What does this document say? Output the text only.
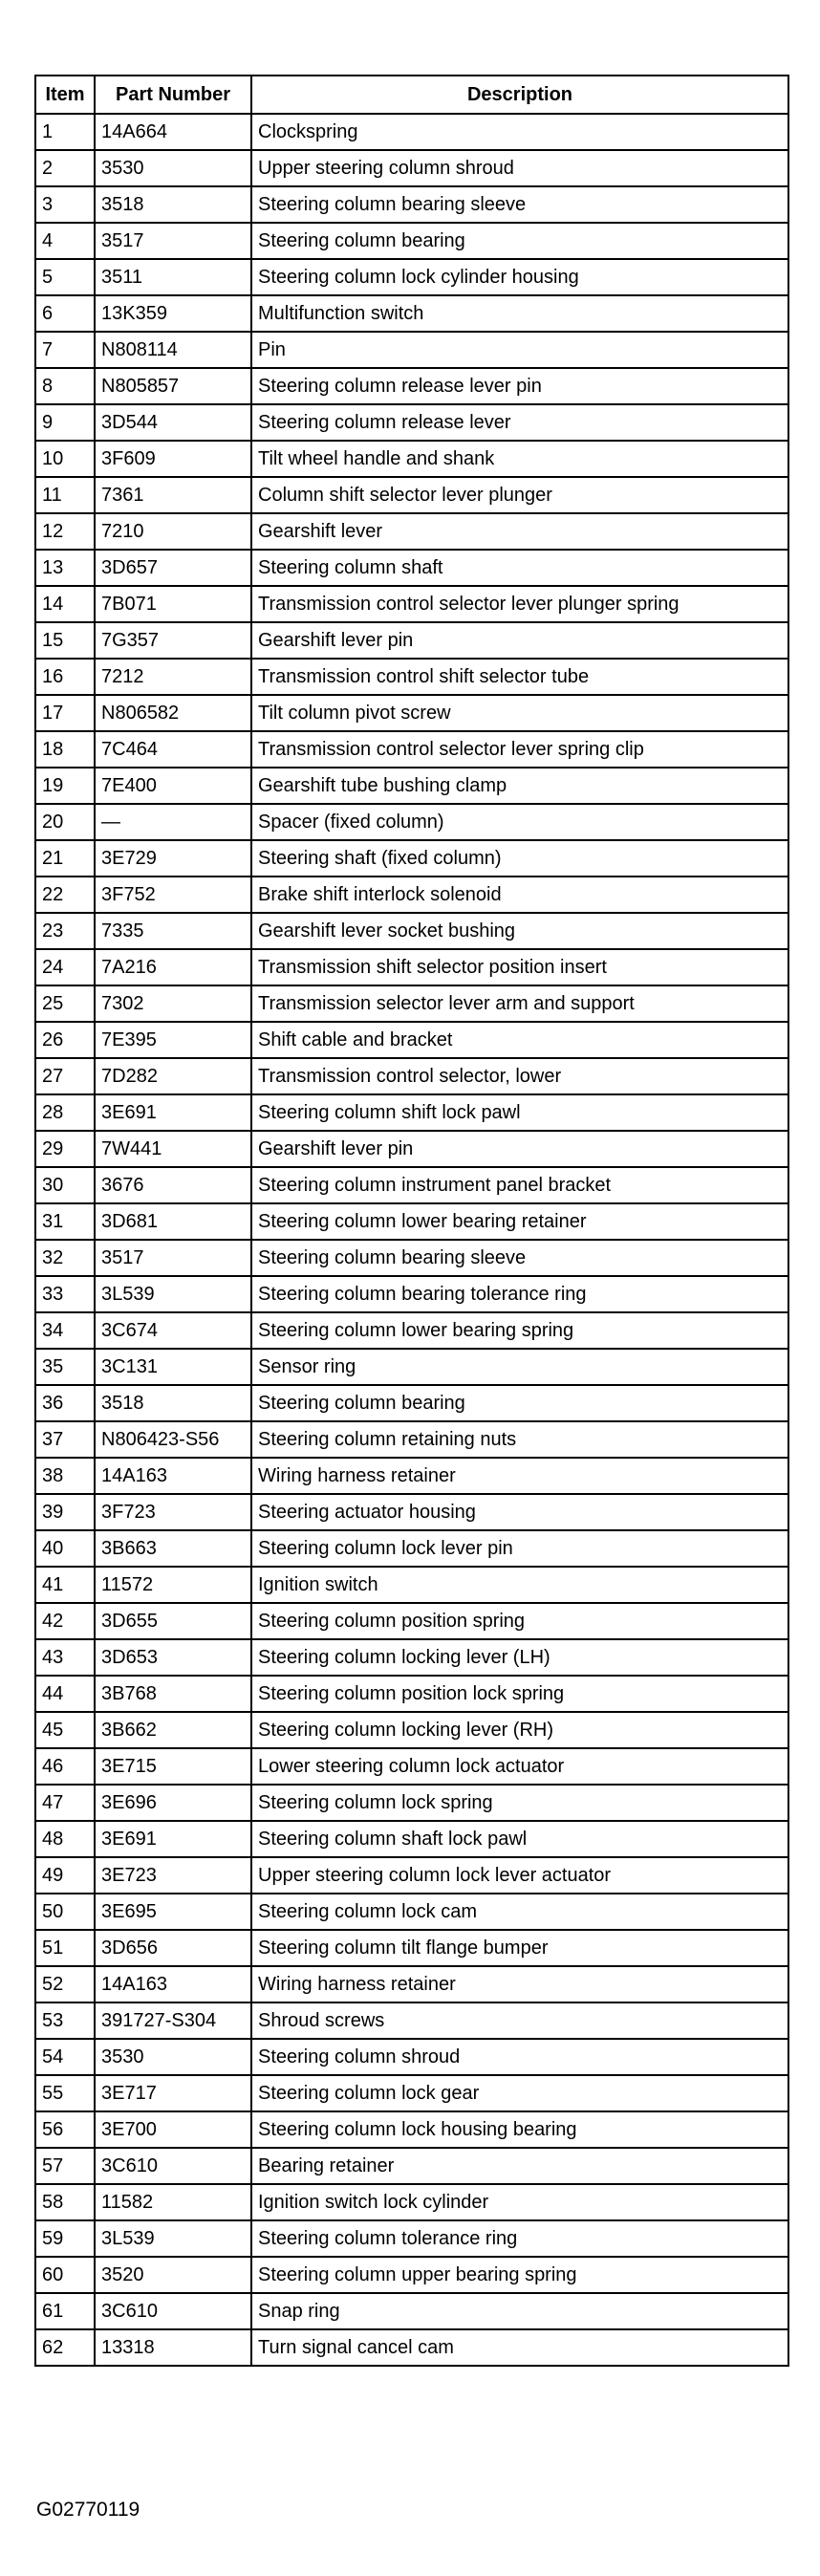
Item	Part Number	Description
1	14A664	Clockspring
2	3530	Upper steering column shroud
3	3518	Steering column bearing sleeve
4	3517	Steering column bearing
5	3511	Steering column lock cylinder housing
6	13K359	Multifunction switch
7	N808114	Pin
8	N805857	Steering column release lever pin
9	3D544	Steering column release lever
10	3F609	Tilt wheel handle and shank
11	7361	Column shift selector lever plunger
12	7210	Gearshift lever
13	3D657	Steering column shaft
14	7B071	Transmission control selector lever plunger spring
15	7G357	Gearshift lever pin
16	7212	Transmission control shift selector tube
17	N806582	Tilt column pivot screw
18	7C464	Transmission control selector lever spring clip
19	7E400	Gearshift tube bushing clamp
20	—	Spacer (fixed column)
21	3E729	Steering shaft (fixed column)
22	3F752	Brake shift interlock solenoid
23	7335	Gearshift lever socket bushing
24	7A216	Transmission shift selector position insert
25	7302	Transmission selector lever arm and support
26	7E395	Shift cable and bracket
27	7D282	Transmission control selector, lower
28	3E691	Steering column shift lock pawl
29	7W441	Gearshift lever pin
30	3676	Steering column instrument panel bracket
31	3D681	Steering column lower bearing retainer
32	3517	Steering column bearing sleeve
33	3L539	Steering column bearing tolerance ring
34	3C674	Steering column lower bearing spring
35	3C131	Sensor ring
36	3518	Steering column bearing
37	N806423-S56	Steering column retaining nuts
38	14A163	Wiring harness retainer
39	3F723	Steering actuator housing
40	3B663	Steering column lock lever pin
41	11572	Ignition switch
42	3D655	Steering column position spring
43	3D653	Steering column locking lever (LH)
44	3B768	Steering column position lock spring
45	3B662	Steering column locking lever (RH)
46	3E715	Lower steering column lock actuator
47	3E696	Steering column lock spring
48	3E691	Steering column shaft lock pawl
49	3E723	Upper steering column lock lever actuator
50	3E695	Steering column lock cam
51	3D656	Steering column tilt flange bumper
52	14A163	Wiring harness retainer
53	391727-S304	Shroud screws
54	3530	Steering column shroud
55	3E717	Steering column lock gear
56	3E700	Steering column lock housing bearing
57	3C610	Bearing retainer
58	11582	Ignition switch lock cylinder
59	3L539	Steering column tolerance ring
60	3520	Steering column upper bearing spring
61	3C610	Snap ring
62	13318	Turn signal cancel cam
G02770119
